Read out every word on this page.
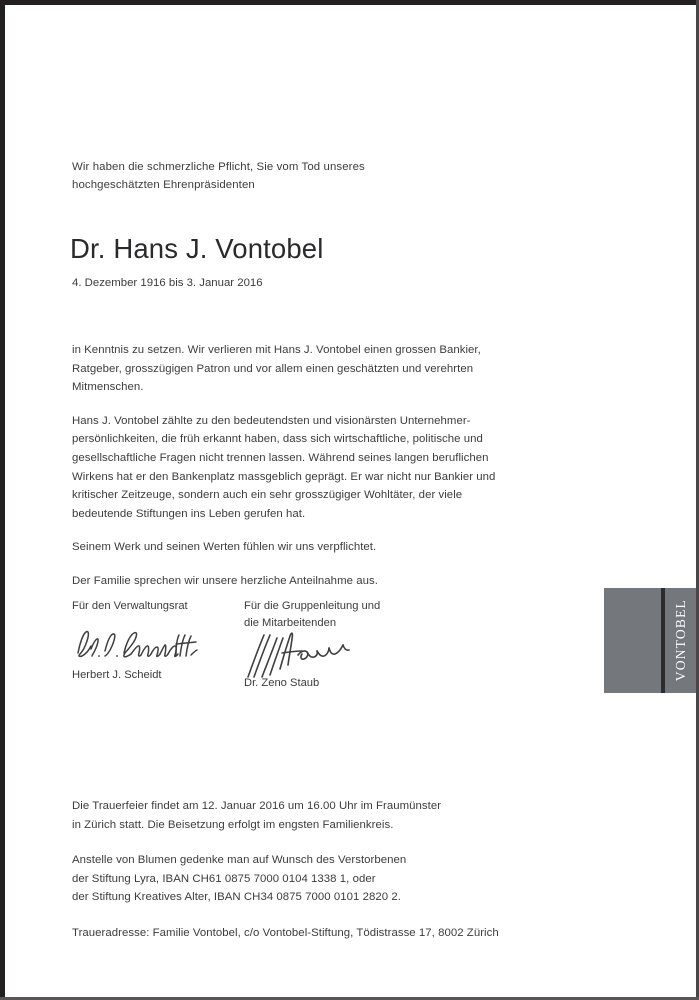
Wir haben die schmerzliche Pflicht, Sie vom Tod unseres
hochgeschätzten Ehrenpräsidenten
Dr. Hans J. Vontobel
4. Dezember 1916 bis 3. Januar 2016

in Kenntnis zu setzen. Wir verlieren mit Hans J. Vontobel einen grossen Bankier, Ratgeber, grosszügigen Patron und vor allem einen geschätzten und verehrten Mitmenschen.

Hans J. Vontobel zählte zu den bedeutendsten und visionärsten Unternehmer-persönlichkeiten, die früh erkannt haben, dass sich wirtschaftliche, politische und gesellschaftliche Fragen nicht trennen lassen. Während seines langen beruflichen Wirkens hat er den Bankenplatz massgeblich geprägt. Er war nicht nur Bankier und kritischer Zeitzeuge, sondern auch ein sehr grosszügiger Wohltäter, der viele bedeutende Stiftungen ins Leben gerufen hat.

Seinem Werk und seinen Werten fühlen wir uns verpflichtet.

Der Familie sprechen wir unsere herzliche Anteilnahme aus.

Für den Verwaltungsrat

Herbert J. Scheidt

Für die Gruppenleitung und

die Mitarbeitenden

Dr. Zeno Staub

Die Trauerfeier findet am 12. Januar 2016 um 16.00 Uhr im Fraumünster
in Zürich statt. Die Beisetzung erfolgt im engsten Familienkreis.

Anstelle von Blumen gedenke man auf Wunsch des Verstorbenen
der Stiftung Lyra, IBAN CH61 0875 7000 0104 1338 1, oder
der Stiftung Kreatives Alter, IBAN CH34 0875 7000 0101 2820 2.

Traueradresse: Familie Vontobel, c/o Vontobel-Stiftung, Tödistrasse 17, 8002 Zürich

VONTOBEL
